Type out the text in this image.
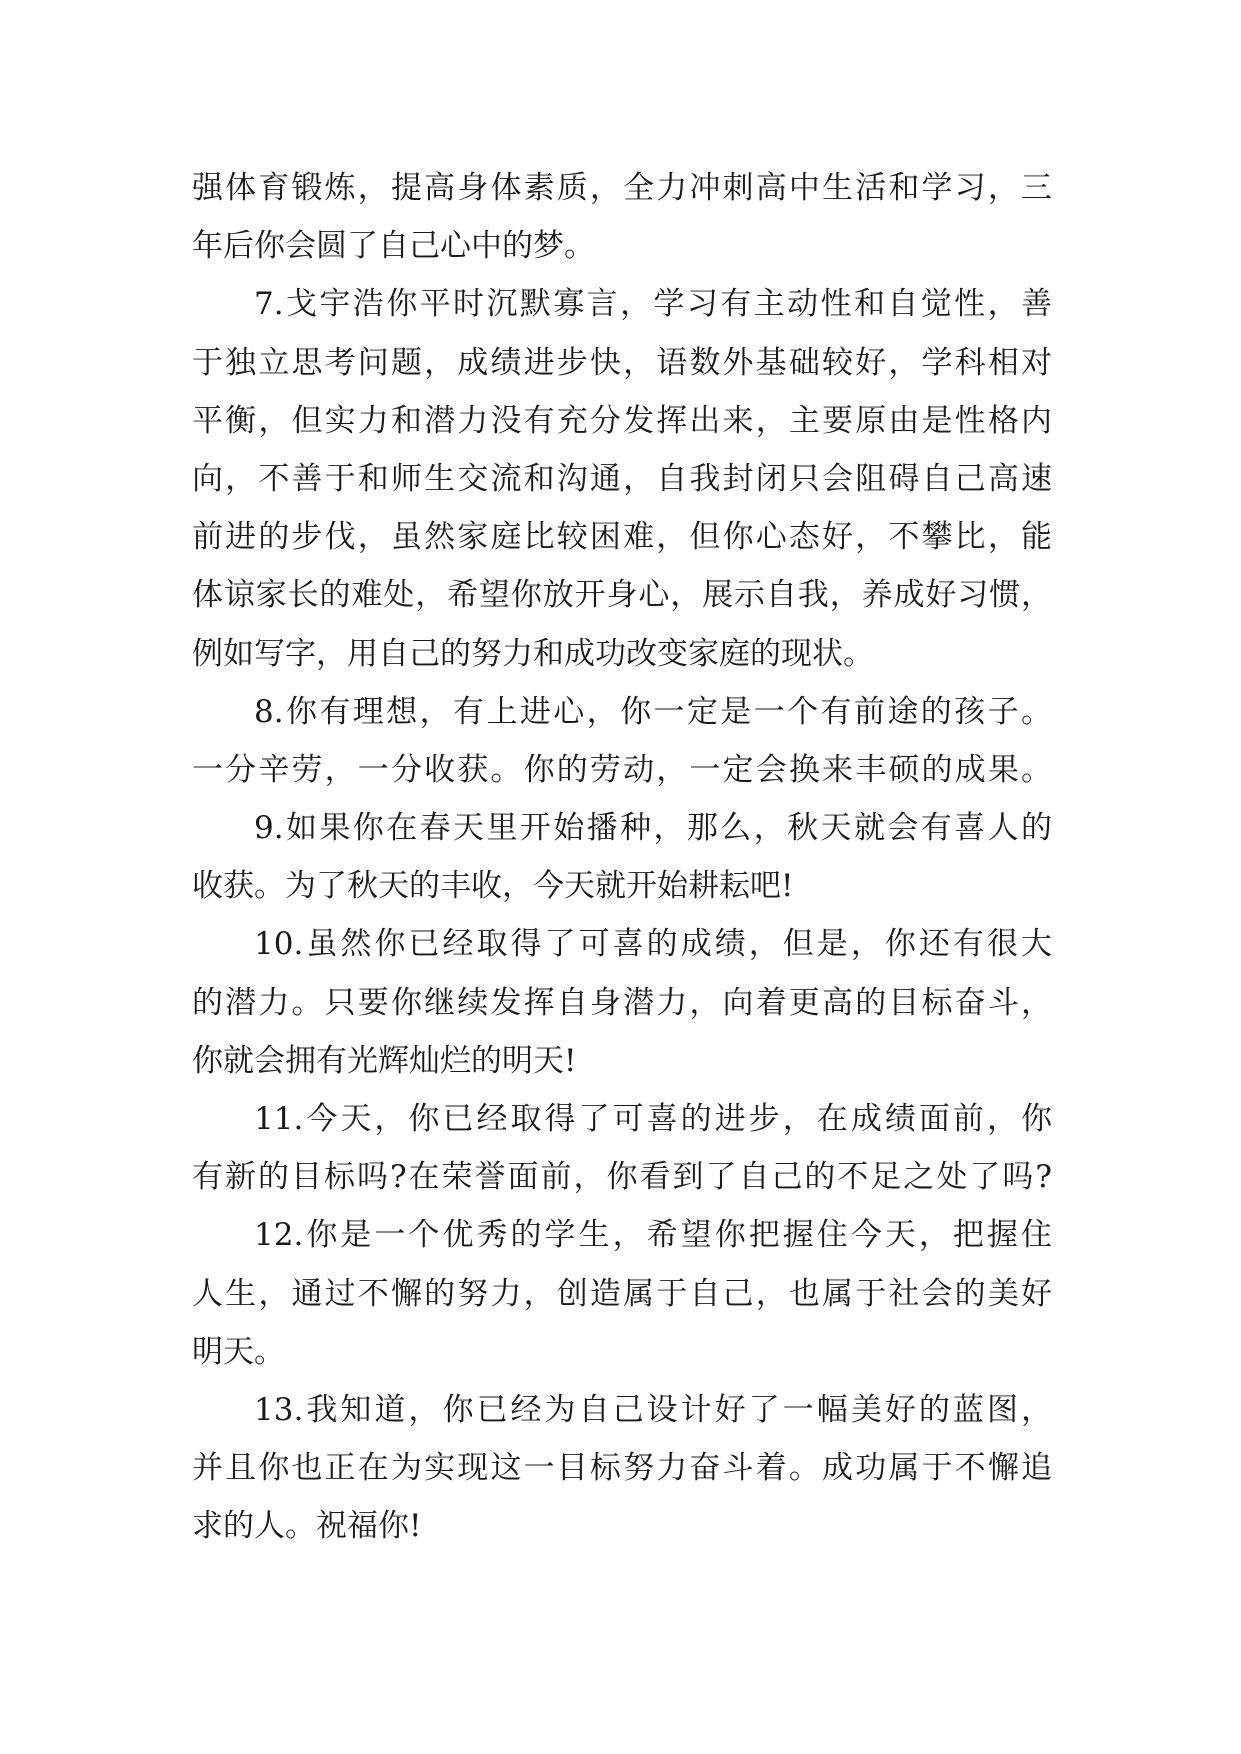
强体育锻炼，提高身体素质，全力冲刺高中生活和学习，三
年后你会圆了自己心中的梦。
7.戈宇浩你平时沉默寡言，学习有主动性和自觉性，善
于独立思考问题，成绩进步快，语数外基础较好，学科相对
平衡，但实力和潜力没有充分发挥出来，主要原由是性格内
向，不善于和师生交流和沟通，自我封闭只会阻碍自己高速
前进的步伐，虽然家庭比较困难，但你心态好，不攀比，能
体谅家长的难处，希望你放开身心，展示自我，养成好习惯，
例如写字，用自己的努力和成功改变家庭的现状。
8.你有理想，有上进心，你一定是一个有前途的孩子。
一分辛劳，一分收获。你的劳动，一定会换来丰硕的成果。
9.如果你在春天里开始播种，那么，秋天就会有喜人的
收获。为了秋天的丰收，今天就开始耕耘吧!
10.虽然你已经取得了可喜的成绩，但是，你还有很大
的潜力。只要你继续发挥自身潜力，向着更高的目标奋斗，
你就会拥有光辉灿烂的明天!
11.今天，你已经取得了可喜的进步，在成绩面前，你
有新的目标吗?在荣誉面前，你看到了自己的不足之处了吗?
12.你是一个优秀的学生，希望你把握住今天，把握住
人生，通过不懈的努力，创造属于自己，也属于社会的美好
明天。
13.我知道，你已经为自己设计好了一幅美好的蓝图，
并且你也正在为实现这一目标努力奋斗着。成功属于不懈追
求的人。祝福你!
